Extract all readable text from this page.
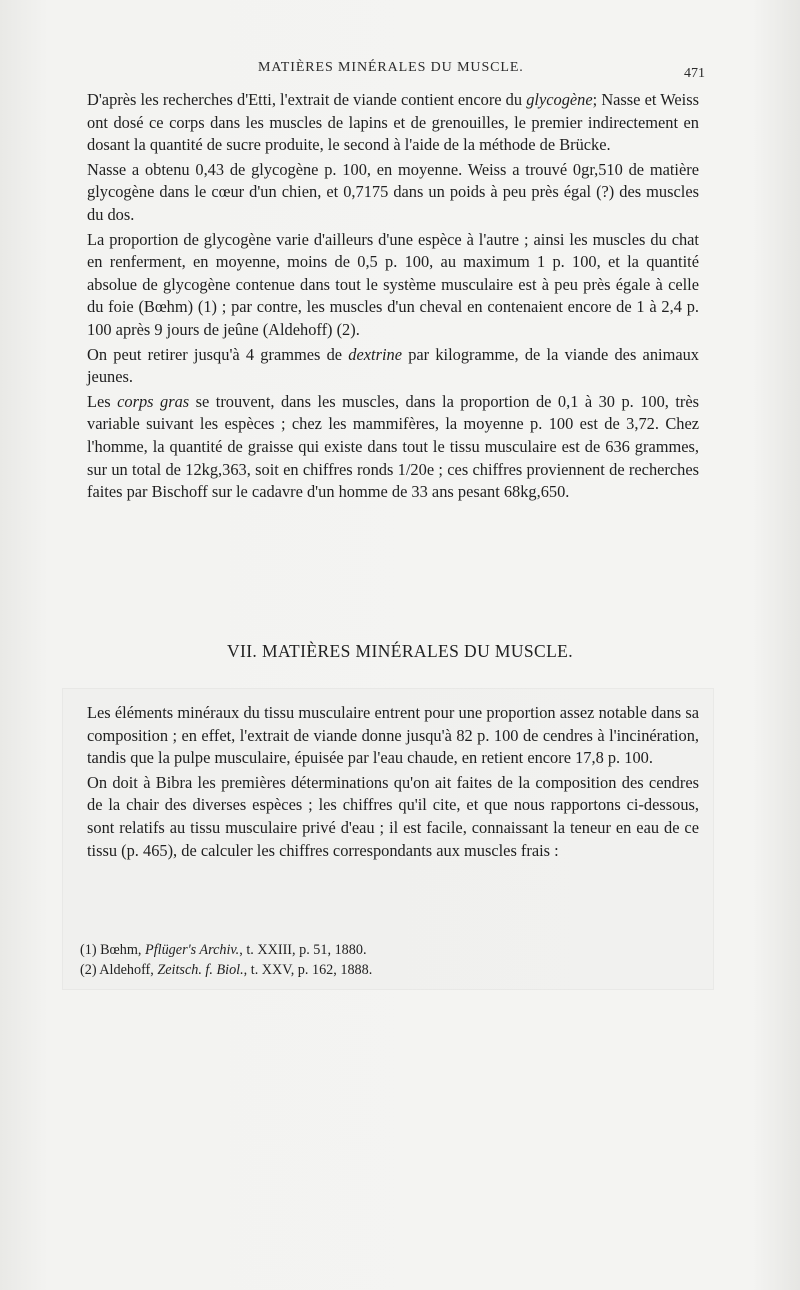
MATIÈRES MINÉRALES DU MUSCLE.	471

D'après les recherches d'Etti, l'extrait de viande contient encore du glycogène; Nasse et Weiss ont dosé ce corps dans les muscles de lapins et de grenouilles, le premier indirectement en dosant la quantité de sucre produite, le second à l'aide de la méthode de Brücke.

Nasse a obtenu 0,43 de glycogène p. 100, en moyenne. Weiss a trouvé 0gr,510 de matière glycogène dans le cœur d'un chien, et 0,7175 dans un poids à peu près égal (?) des muscles du dos.

La proportion de glycogène varie d'ailleurs d'une espèce à l'autre ; ainsi les muscles du chat en renferment, en moyenne, moins de 0,5 p. 100, au maximum 1 p. 100, et la quantité absolue de glycogène contenue dans tout le système musculaire est à peu près égale à celle du foie (Bœhm) (1) ; par contre, les muscles d'un cheval en contenaient encore de 1 à 2,4 p. 100 après 9 jours de jeûne (Aldehoff) (2).

On peut retirer jusqu'à 4 grammes de dextrine par kilogramme, de la viande des animaux jeunes.

Les corps gras se trouvent, dans les muscles, dans la proportion de 0,1 à 30 p. 100, très variable suivant les espèces ; chez les mammifères, la moyenne p. 100 est de 3,72. Chez l'homme, la quantité de graisse qui existe dans tout le tissu musculaire est de 636 grammes, sur un total de 12kg,363, soit en chiffres ronds 1/20e ; ces chiffres proviennent de recherches faites par Bischoff sur le cadavre d'un homme de 33 ans pesant 68kg,650.

VII. MATIÈRES MINÉRALES DU MUSCLE.

Les éléments minéraux du tissu musculaire entrent pour une proportion assez notable dans sa composition ; en effet, l'extrait de viande donne jusqu'à 82 p. 100 de cendres à l'incinération, tandis que la pulpe musculaire, épuisée par l'eau chaude, en retient encore 17,8 p. 100.

On doit à Bibra les premières déterminations qu'on ait faites de la composition des cendres de la chair des diverses espèces ; les chiffres qu'il cite, et que nous rapportons ci-dessous, sont relatifs au tissu musculaire privé d'eau ; il est facile, connaissant la teneur en eau de ce tissu (p. 465), de calculer les chiffres correspondants aux muscles frais :

(1) Bœhm, Pflüger's Archiv., t. XXIII, p. 51, 1880.
(2) Aldehoff, Zeitsch. f. Biol., t. XXV, p. 162, 1888.
